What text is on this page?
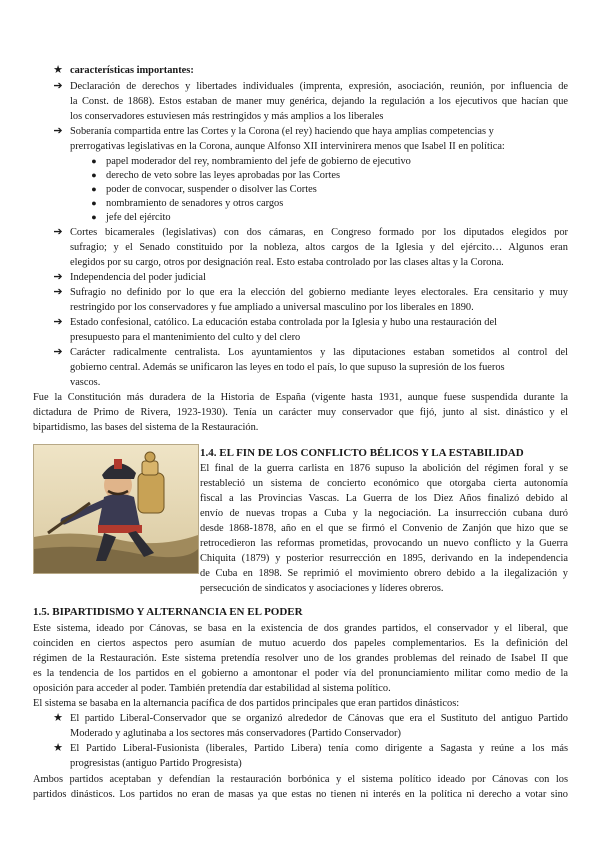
★ características importantes:
➔ Declaración de derechos y libertades individuales (imprenta, expresión, asociación, reunión, por influencia de
la Const. de 1868). Estos estaban de maner muy genérica, dejando la regulación a los ejecutivos que hacían que
los conservadores estuviesen más restringidos y más amplios a los liberales
➔ Soberanía compartida entre las Cortes y la Corona (el rey) haciendo que haya amplias competencias y
prerrogativas legislativas en la Corona, aunque Alfonso XII intervinirera menos que Isabel II en política:
● papel moderador del rey, nombramiento del jefe de gobierno de ejecutivo
● derecho de veto sobre las leyes aprobadas por las Cortes
● poder de convocar, suspender o disolver las Cortes
● nombramiento de senadores y otros cargos
● jefe del ejército
➔ Cortes bicamerales (legislativas) con dos cámaras, en Congreso formado por los diputados elegidos por
sufragio; y el Senado constituido por la nobleza, altos cargos de la Iglesia y del ejército… Algunos eran
elegidos por su cargo, otros por designación real. Esto estaba controlado por las clases altas y la Corona.
➔ Independencia del poder judicial
➔ Sufragio no definido por lo que era la elección del gobierno mediante leyes electorales. Era censitario y muy
restringido por los conservadores y fue ampliado a universal masculino por los liberales en 1890.
➔ Estado confesional, católico. La educación estaba controlada por la Iglesia y hubo una restauración del
presupuesto para el mantenimiento del culto y del clero
➔ Carácter radicalmente centralista. Los ayuntamientos y las diputaciones estaban sometidos al control del
gobierno central. Además se unificaron las leyes en todo el país, lo que supuso la supresión de los fueros
vascos.
Fue la Constitución más duradera de la Historia de España (vigente hasta 1931, aunque fuese suspendida durante la
dictadura de Primo de Rivera, 1923-1930). Tenía un carácter muy conservador que fijó, junto al sist. dinástico y el
bipartidismo, las bases del sistema de la Restauración.
1.4. EL FIN DE LOS CONFLICTO BÉLICOS Y LA ESTABILIDAD
El final de la guerra carlista en 1876 supuso la abolición del régimen foral y se
restableció un sistema de concierto económico que otorgaba cierta autonomía
fiscal a las Provincias Vascas. La Guerra de los Diez Años finalizó debido al
envío de nuevas tropas a Cuba y la negociación. La insurrección cubana duró
desde 1868-1878, año en el que se firmó el Convenio de Zanjón que hizo que se
retrocedieron las reformas prometidas, provocando un nuevo conflicto y la Guerra
Chiquita (1879) y posterior resurrección en 1895, derivando en la independencia
de Cuba en 1898. Se reprimió el movimiento obrero debido a la ilegalización y
persecución de sindicatos y asociaciones y líderes obreros.
1.5. BIPARTIDISMO Y ALTERNANCIA EN EL PODER
Este sistema, ideado por Cánovas, se basa en la existencia de dos grandes partidos, el conservador y el liberal, que
coinciden en ciertos aspectos pero asumían de mutuo acuerdo dos papeles complementarios. Es la definición del
régimen de la Restauración. Este sistema pretendía resolver uno de los grandes problemas del reinado de Isabel II que
es la tendencia de los partidos en el gobierno a amontonar el poder vía del pronunciamiento militar como medio de la
oposición para acceder al poder. También pretendía dar estabilidad al sistema político.
El sistema se basaba en la alternancia pacífica de dos partidos principales que eran partidos dinásticos:
★ El partido Liberal-Conservador que se organizó alrededor de Cánovas que era el Sustituto del antiguo Partido
Moderado y aglutinaba a los sectores más conservadores (Partido Conservador)
★ El Partido Liberal-Fusionista (liberales, Partido Libera) tenía como dirigente a Sagasta y reúne a los más
progresistas (antiguo Partido Progresista)
Ambos partidos aceptaban y defendían la restauración borbónica y el sistema político ideado por Cánovas con los
partidos dinásticos. Los partidos no eran de masas ya que estas no tienen ni interés en la política ni derecho a votar sino
